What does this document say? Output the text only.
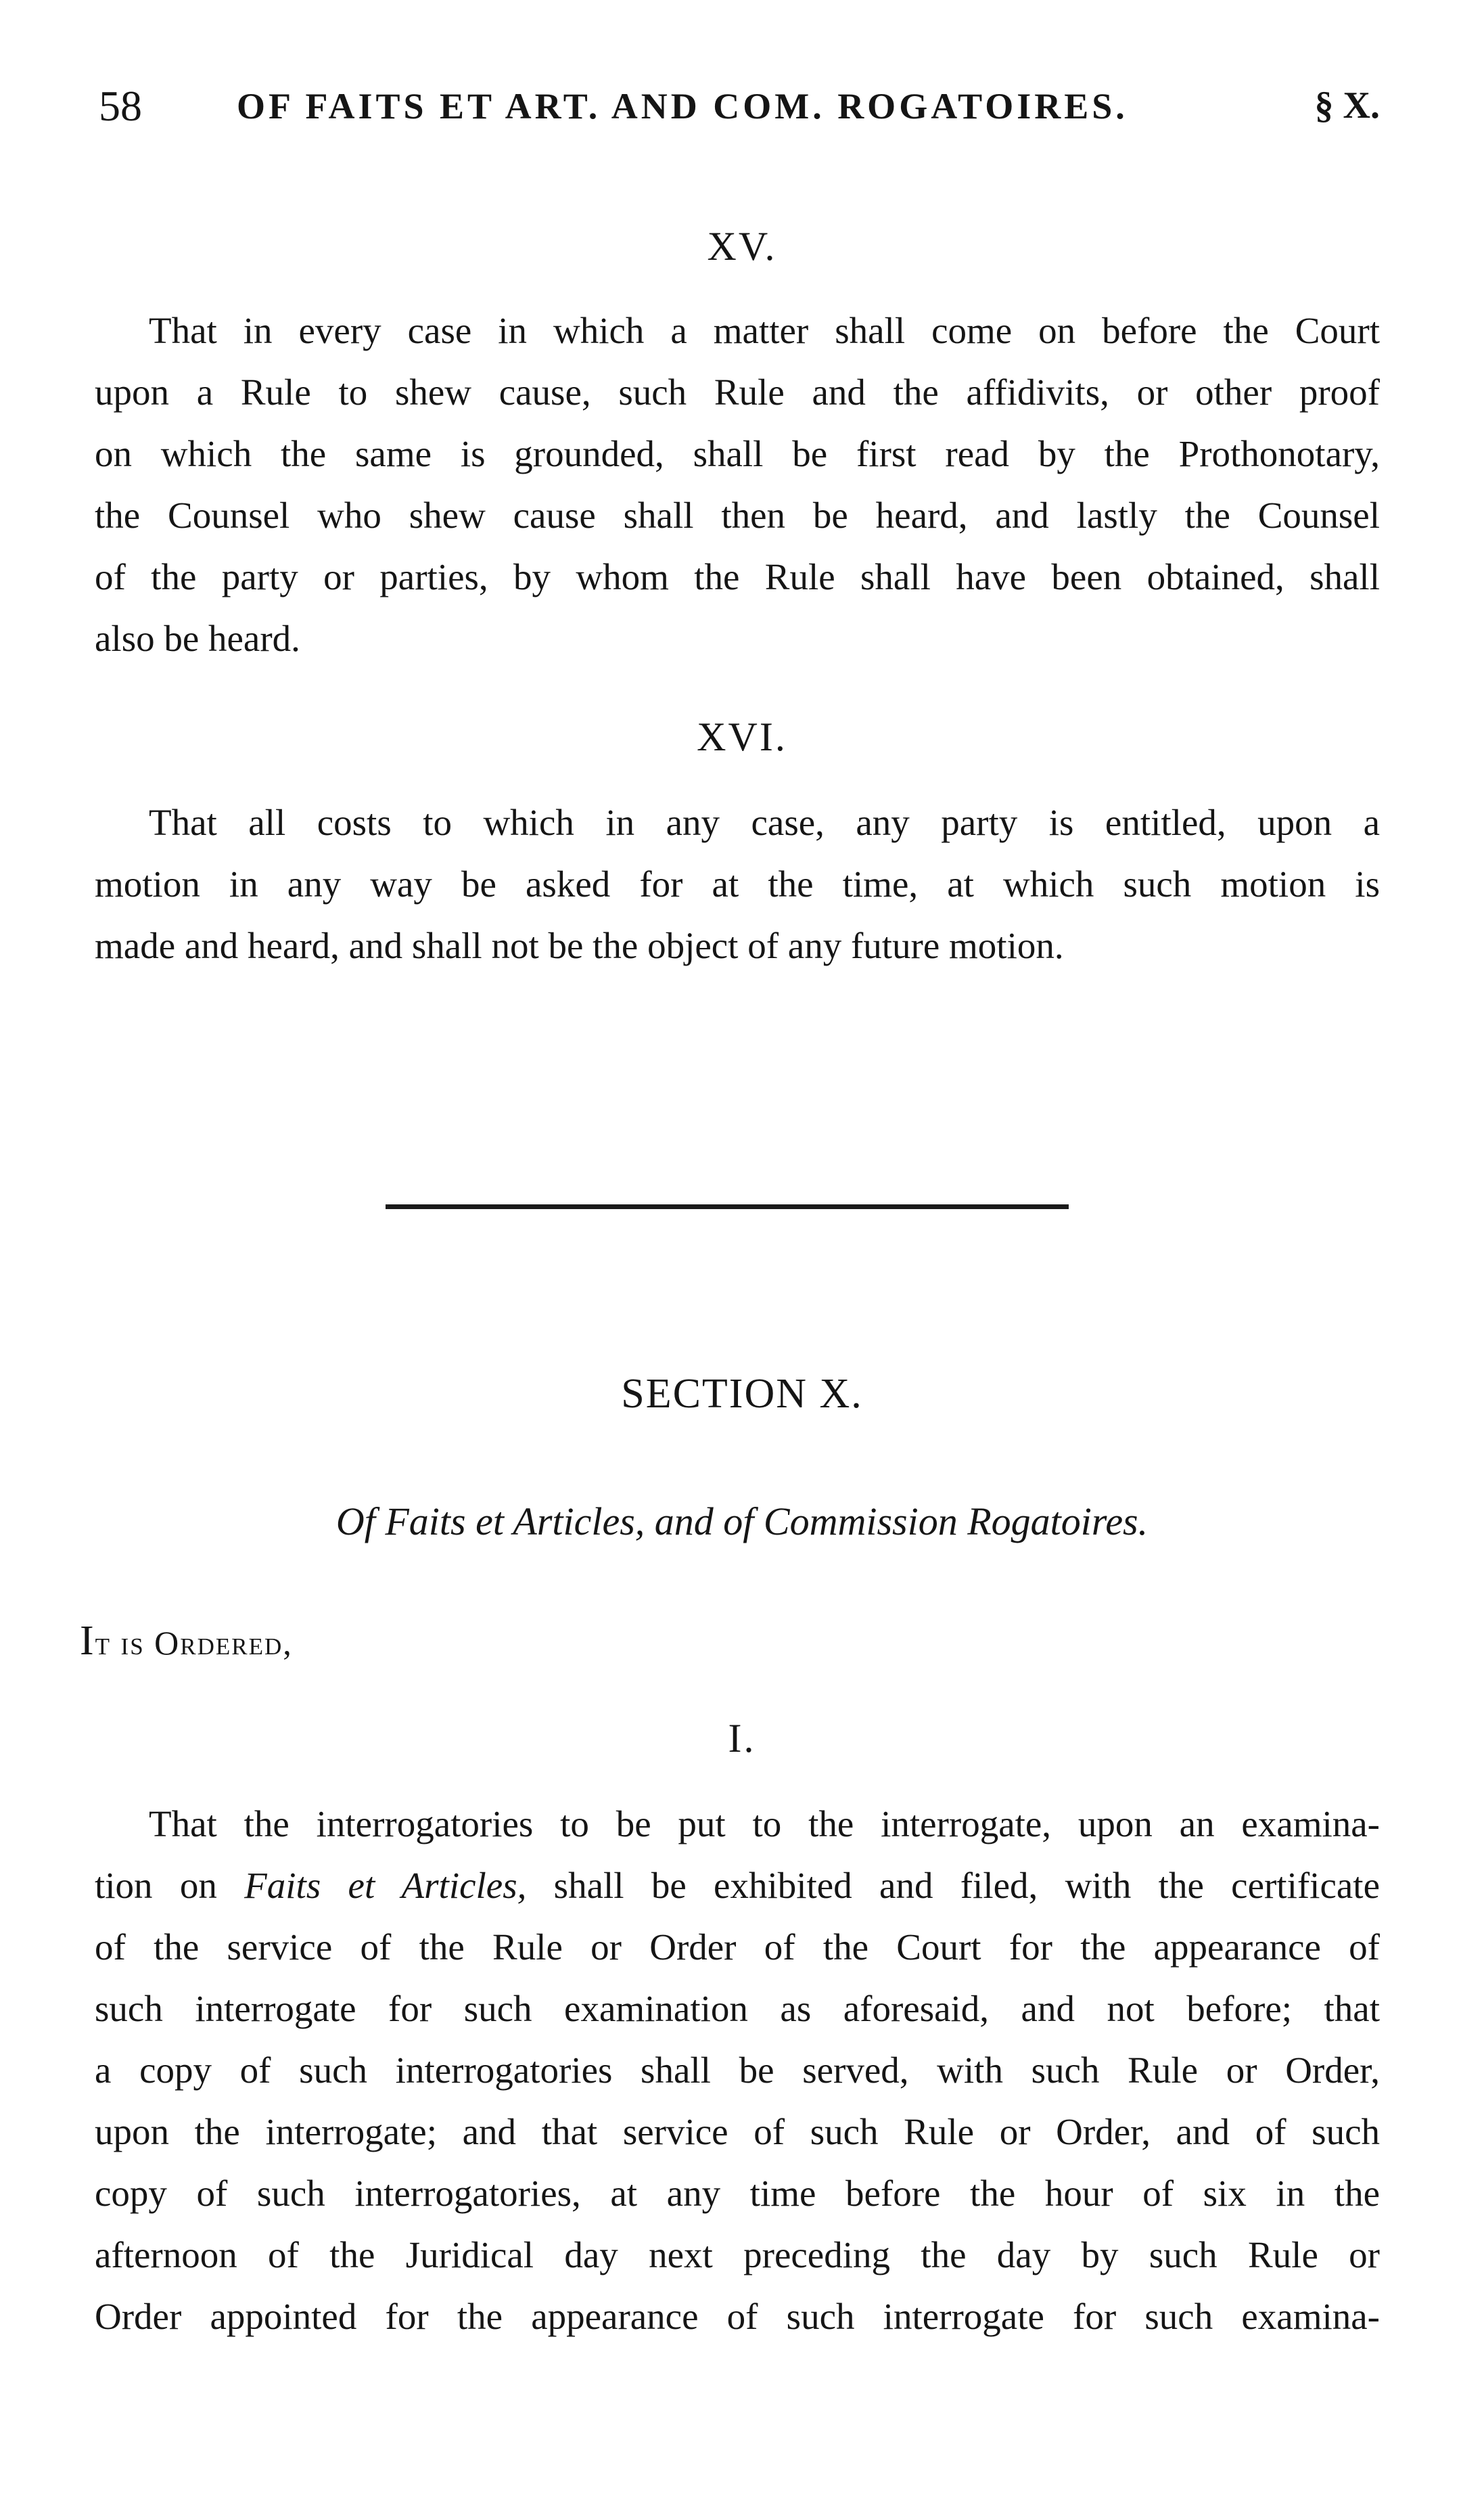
58	OF FAITS ET ART. AND COM. ROGATOIRES.	§ X.
XV.
That in every case in which a matter shall come on before the Court
upon a Rule to shew cause, such Rule and the affidivits, or other proof
on which the same is grounded, shall be first read by the Prothonotary,
the Counsel who shew cause shall then be heard, and lastly the Counsel
of the party or parties, by whom the Rule shall have been obtained, shall
also be heard.
XVI.
That all costs to which in any case, any party is entitled, upon a
motion in any way be asked for at the time, at which such motion is
made and heard, and shall not be the object of any future motion.
SECTION X.
Of Faits et Articles, and of Commission Rogatoires.
It is Ordered,
I.
That the interrogatories to be put to the interrogate, upon an examina-
tion on Faits et Articles, shall be exhibited and filed, with the certificate
of the service of the Rule or Order of the Court for the appearance of
such interrogate for such examination as aforesaid, and not before; that
a copy of such interrogatories shall be served, with such Rule or Order,
upon the interrogate; and that service of such Rule or Order, and of such
copy of such interrogatories, at any time before the hour of six in the
afternoon of the Juridical day next preceding the day by such Rule or
Order appointed for the appearance of such interrogate for such examina-
